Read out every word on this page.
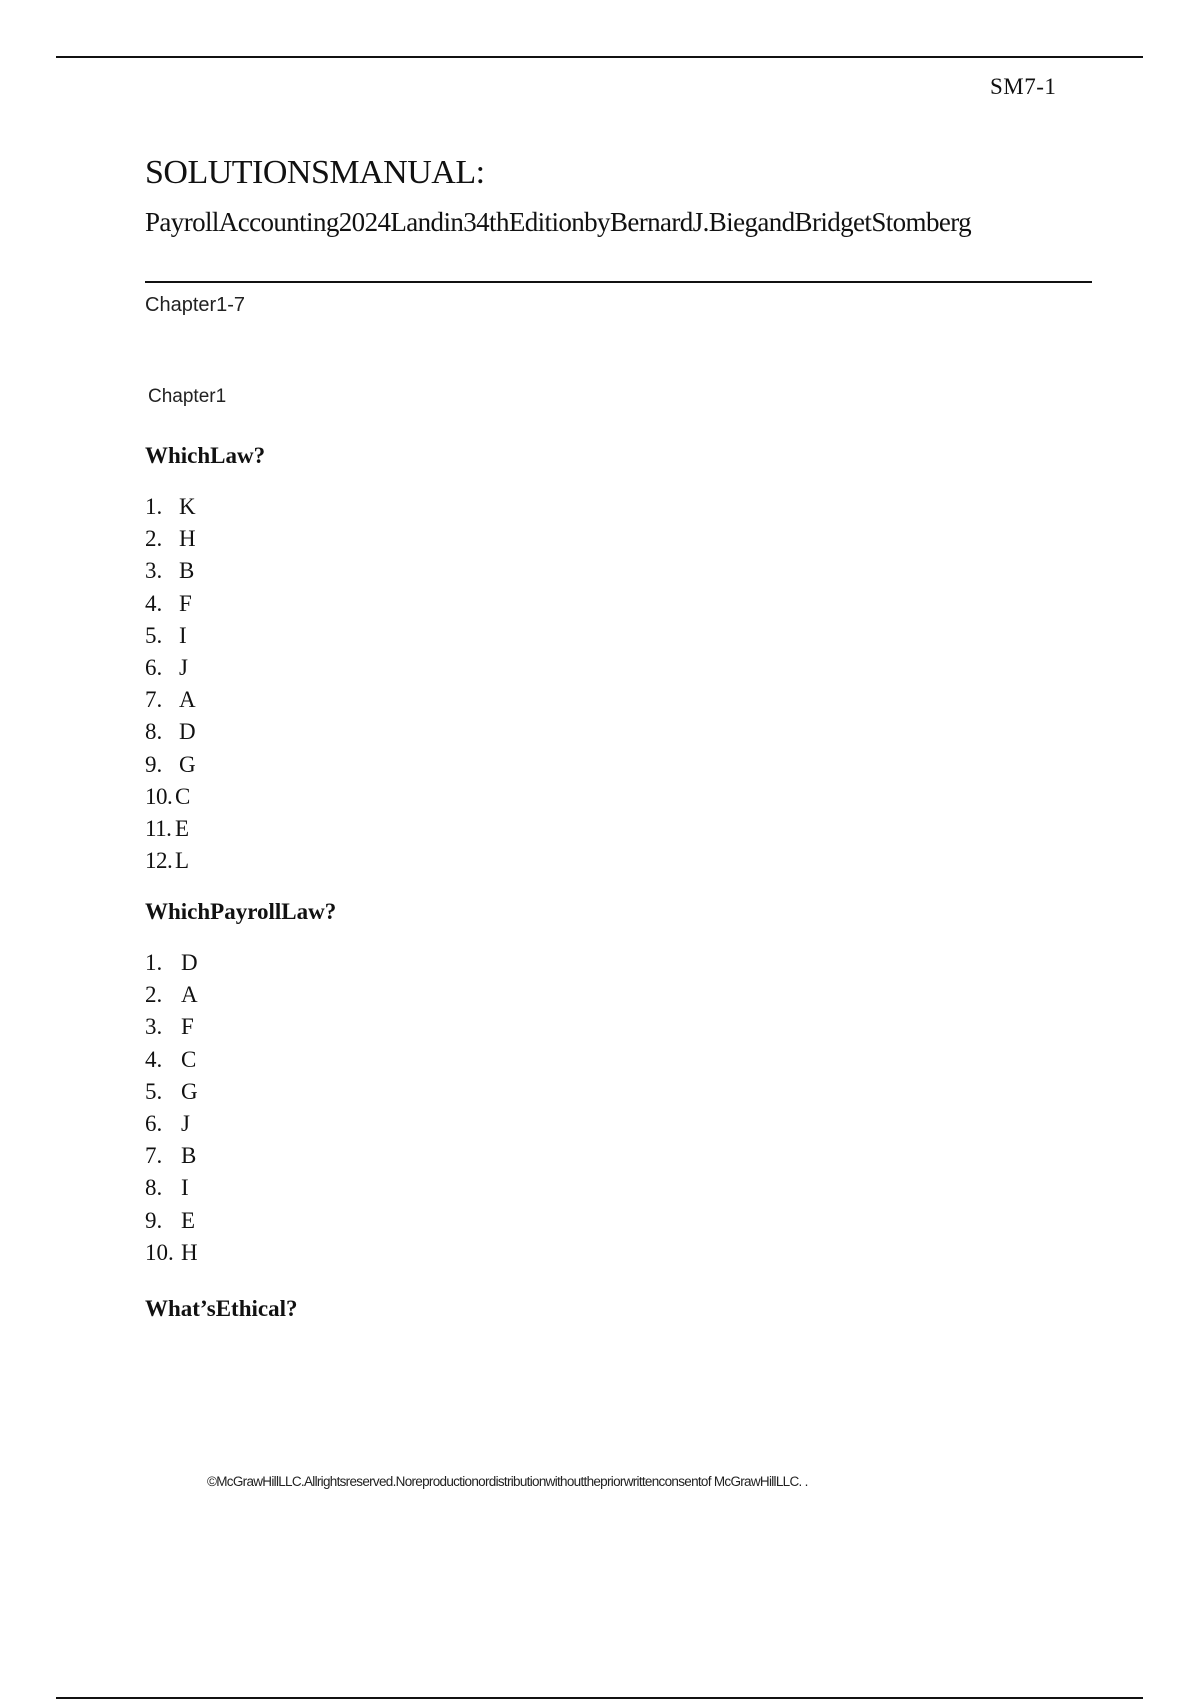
SM7-1
SOLUTIONSMANUAL:
PayrollAccounting2024Landin34thEditionbyBernardJ.BiegandBridgetStomberg
Chapter1-7
Chapter1
WhichLaw?
1. K
2. H
3. B
4. F
5. I
6. J
7. A
8. D
9. G
10. C
11. E
12. L
WhichPayrollLaw?
1. D
2. A
3. F
4. C
5. G
6. J
7. B
8. I
9. E
10. H
What’sEthical?
©McGrawHillLLC.Allrightsreserved.Noreproductionordistributionwithoutthepriorwrittenconsentof McGrawHillLLC. .
